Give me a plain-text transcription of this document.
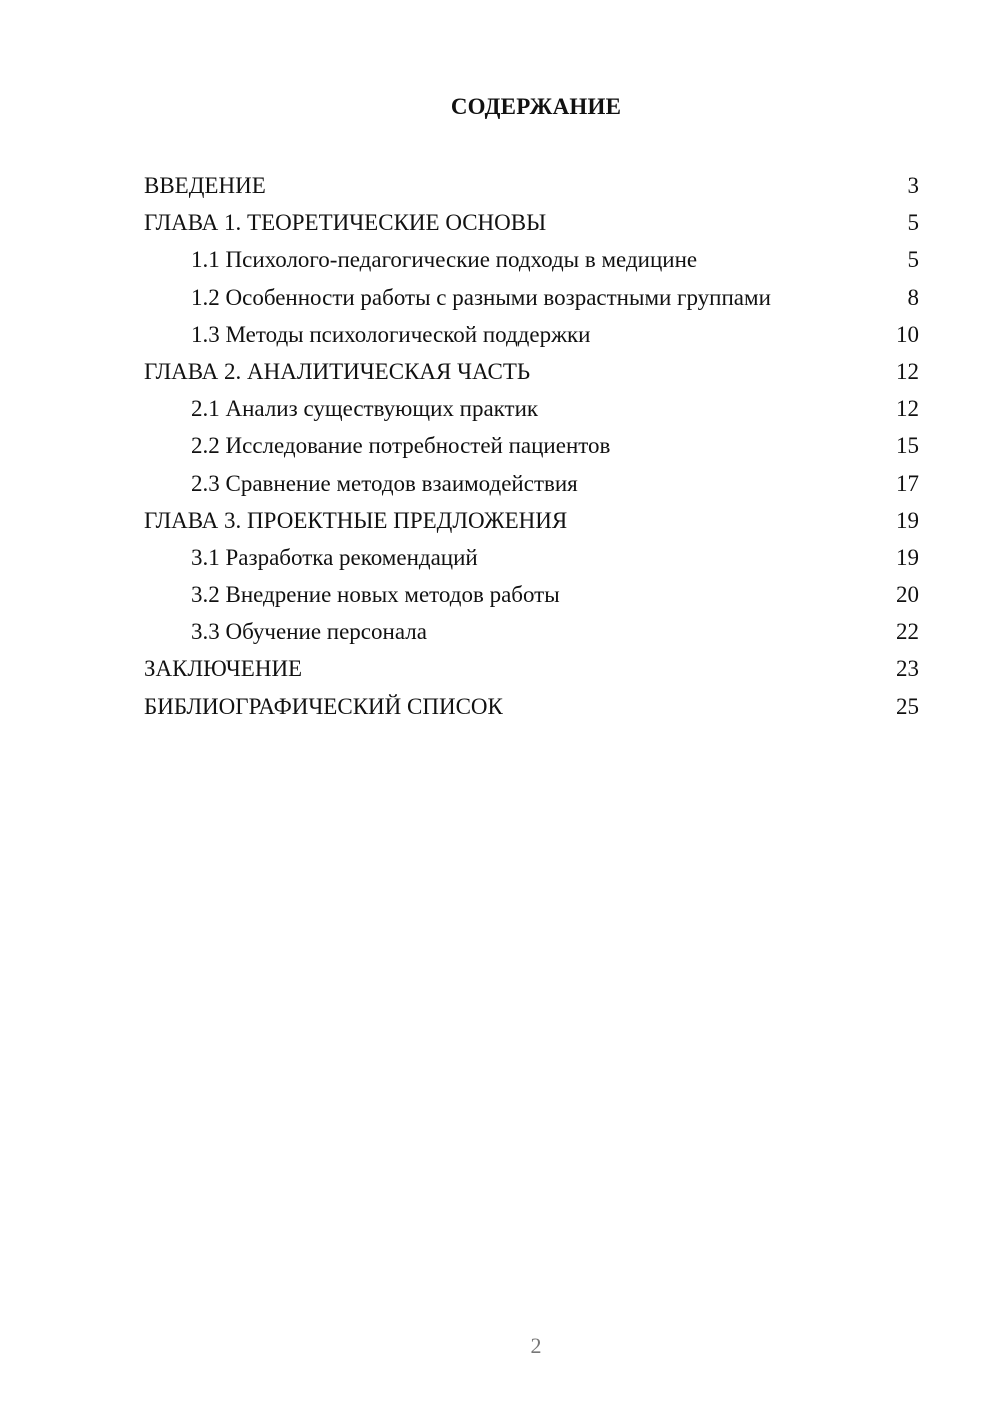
СОДЕРЖАНИЕ
ВВЕДЕНИЕ	3
ГЛАВА 1. ТЕОРЕТИЧЕСКИЕ ОСНОВЫ	5
1.1 Психолого-педагогические подходы в медицине	5
1.2 Особенности работы с разными возрастными группами	8
1.3 Методы психологической поддержки	10
ГЛАВА 2. АНАЛИТИЧЕСКАЯ ЧАСТЬ	12
2.1 Анализ существующих практик	12
2.2 Исследование потребностей пациентов	15
2.3 Сравнение методов взаимодействия	17
ГЛАВА 3. ПРОЕКТНЫЕ ПРЕДЛОЖЕНИЯ	19
3.1 Разработка рекомендаций	19
3.2 Внедрение новых методов работы	20
3.3 Обучение персонала	22
ЗАКЛЮЧЕНИЕ	23
БИБЛИОГРАФИЧЕСКИЙ СПИСОК	25
2
